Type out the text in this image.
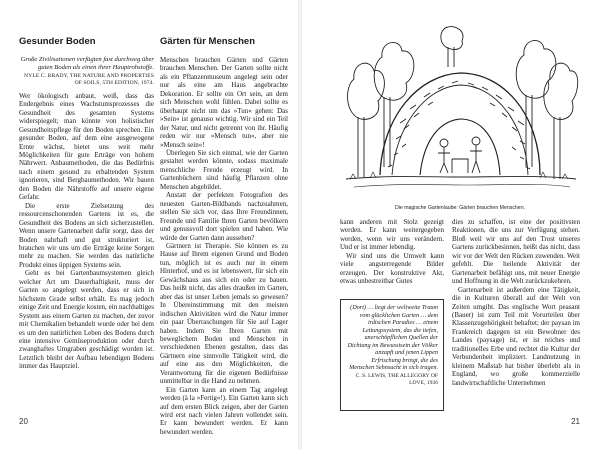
Gesunder Boden
Große Zivilisationen verfügten fast durchweg über guten Boden als einen ihrer Hauptrohstoffe.
NYLE C. BRADY, THE NATURE AND PROPERTIES OF SOILS, 5TH EDITION, 1974.

Wer ökologisch anbaut, weiß, dass das Endergebnis eines Wachstumsprozesses die Gesundheit des gesamten Systems widerspiegelt; man könnte von holistischer Gesundheitspflege für den Boden sprechen. Ein gesunder Boden, auf dem eine ausgewogene Ernte wächst, bietet uns weit mehr Möglichkeiten für gute Erträge von hohem Nährwert. Anbaumethoden, die das Bedürfnis nach einem gesund zu erhaltenden System ignorieren, sind Bergbaumethoden. Wir bauen den Boden die Nährstoffe auf unsere eigene Gefahr.

Die erste Zielsetzung des ressourcenschonenden Gartens ist es, die Gesundheit des Bodens an sich sicherzustellen. Wenn unsere Gartenarbeit dafür sorgt, dass der Boden nahrhaft und gut strukturiert ist, brauchen wir uns um die Erträge keine Sorgen mehr zu machen. Sie werden das natürliche Produkt eines üppigen Systems sein.

Geht es bei Gartenbaumsystemen gleich welcher Art um Dauerhaftigkeit, muss der Garten so angelegt werden, dass er sich in höchstem Grade selbst erhält. Es mag jedoch einige Zeit und Energie kosten, ein nachhaltiges System aus einem Garten zu machen, der zuvor mit Chemikalien behandelt wurde oder bei dem es um den natürlichen Leben des Bodens durch eine intensive Gemüseproduktion oder durch zwanghaftes Umgraben geschädigt worden ist. Letztlich bleibt der Aufbau lebendigen Bodens immer das Hauptziel.

Gärten für Menschen

Menschen brauchen Gärten und Gärten brauchen Menschen. Der Garten sollte nicht als ein Pflanzenmuseum angelegt sein oder nur als eine am Haus angebrachte Dekoration. Er sollte ein Ort sein, an dem sich Menschen wohl fühlen. Dabei sollte es überhaupt nicht um das »Tun« gehen: Das »Sein« ist genauso wichtig. Wir sind ein Teil der Natur, und nicht getrennt von ihr. Häufig reden wir nur »Mensch tun«, aber nie »Mensch sein«!

Überlegen Sie sich einmal, wie der Garten gestaltet werden könnte, sodass maximale menschliche Freude erzeugt wird. In Gartenbüchern sind häufig Pflanzen ohne Menschen abgebildet.

Anstatt der perfekten Fotografien des neuesten Garten-Bildbands nachzuahmen, stellen Sie sich vor, dass Ihre Freundinnen, Freunde und Familie Ihren Garten bevölkern und genussvoll dort spielen und haben. Wie würde der Garten dann aussehen?

Gärtnern ist Therapie. Sie können es zu Hause auf Ihrem eigenen Grund und Boden tun, möglich ist es auch nur in einem Hinterhof, und es ist lebenswert, für sich ein Gewächshaus aus sich ein oder zu bauen. Das heißt nicht, das alles draußen im Garten, aber das ist unser Leben jemals so gewesen? In Übereinstimmung mit den meisten indischen Aktivitäten wird die Natur immer ein paar Überraschungen für Sie auf Lager haben. Indem Sie Ihren Garten mit beweglichem Boden und Menschen in verschiedenen Ebenen gestalten, dass das Gärtnern eine sinnvolle Tätigkeit wird, die auf eine aus den Möglichkeiten, die Verantwortung für die eigenen Bedürfnisse unmittelbar in die Hand zu nehmen.

Ein Garten kann an einem Tag angelegt werden (à la »Fertig«!). Ein Garten kann sich auf dem ersten Blick zeigen, aber der Garten wird erst nach vielen Jahren vollendet sein. Er kann bewundert werden. Er kann bewundert werden.

Die magische Gartenlaube: Gärten brauchen Menschen.

kann anderen mit Stolz gezeigt werden. Er kann weitergegeben werden, wenn wir uns verändern. Und er ist immer lebendig.

Wir sind uns die Umwelt kann viele angsterregende Bilder erzeugen. Der konstruktive Akt, etwas unbestreitbar Gutes

(Dort) … liegt der weltweite Traum vom glücklichen Garten … dem irdischen Paradies … einem Leitungssystem, das die tiefen, unerschöpflichen Quellen der Dichtung im Bewusstsein der Völker anzapft und jenen Lippen Erfrischung bringt, die des Menschen Sehnsucht in sich tragen.
C. S. LEWIS, THE ALLEGORY OF LOVE, 1936

dies zu schaffen, ist eine der positivsten Reaktionen, die uns zur Verfügung stehen. Bloß weil wir uns auf den Trost unseres Gartens zurückbesinnen, heißt das nicht, dass wir vor der Welt den Rücken zuwenden. Weit gefehlt. Die heilende Aktivität der Gartenarbeit befähigt uns, mit neuer Energie und Hoffnung in die Welt zurückzukehren.

Gartenarbeit ist außerdem eine Tätigkeit, die in Kulturen überall auf der Welt von Zeiten umgibt. Das englische Wort peasant (Bauer) ist zum Teil mit Vorurteilen über Klassenzugehörigkeit behaftet; der paysan im Frankreich dagegen ist ein Bewohner des Landes (paysage) ist, er ist reiches und traditionelles Erbe und rechtet die Kultur der Verbundenheit impliziert. Landnutzung in kleinem Maßstab hat bisher überlebt als in England, wo große kommerzielle landwirtschaftliche Unternehmen

20	21
